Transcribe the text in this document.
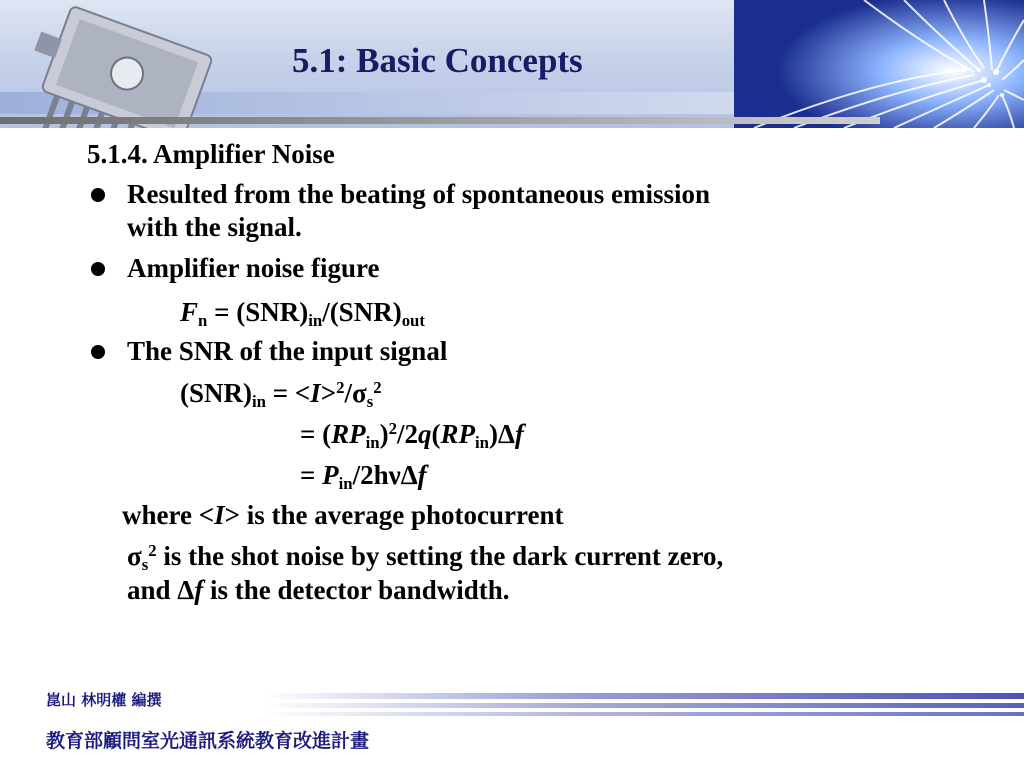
5.1: Basic Concepts
5.1.4. Amplifier Noise
Resulted from the beating of spontaneous emission
with the signal.
Amplifier noise figure
$F_n = (SNR)_{in}/(SNR)_{out}$
The SNR of the input signal
$(SNR)_{in} = <I>^2/\sigma_s^2$
= $(RP_{in})^2/2q(RP_{in})\Delta f$
= $P_{in}/2h\nu\Delta f$
where <I> is the average photocurrent
$\sigma_s^2$ is the shot noise by setting the dark current zero,
and Δf is the detector bandwidth.
崑山 林明權 編撰
教育部顧問室光通訊系統教育改進計畫
